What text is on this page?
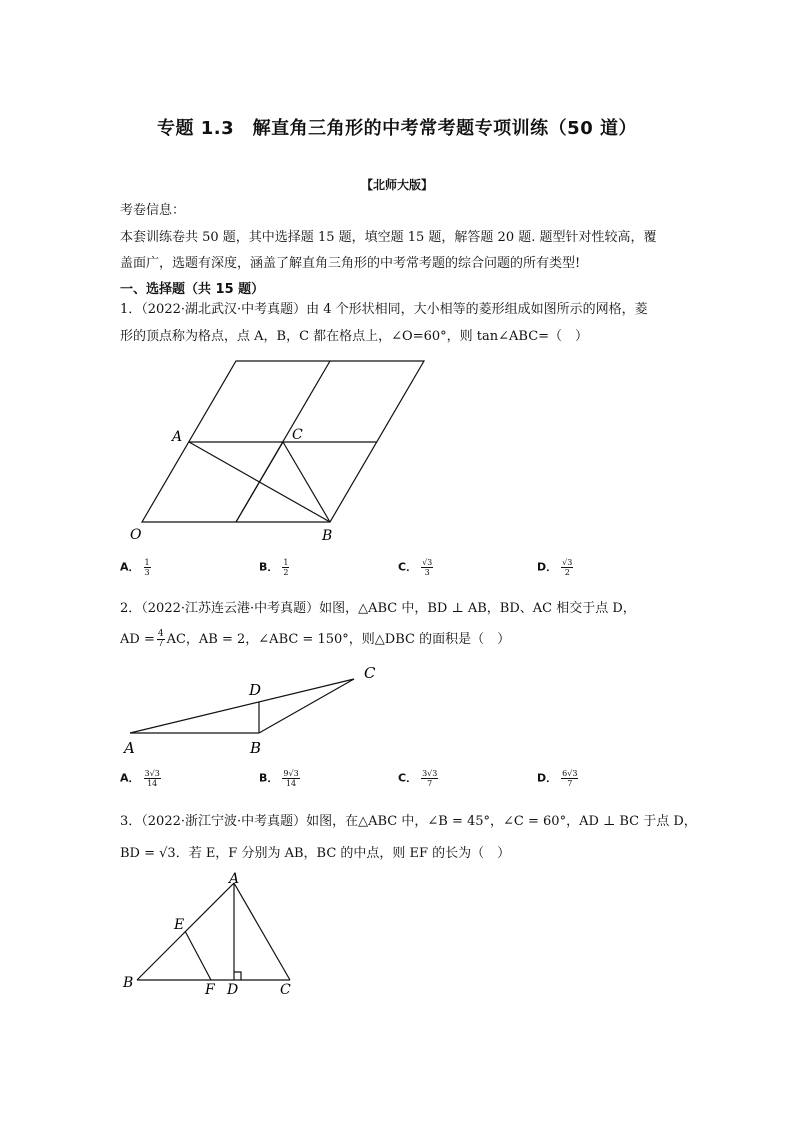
专题 1.3　解直角三角形的中考常考题专项训练（50 道）
【北师大版】
考卷信息：
本套训练卷共 50 题，其中选择题 15 题，填空题 15 题，解答题 20 题. 题型针对性较高，覆
盖面广，选题有深度，涵盖了解直角三角形的中考常考题的综合问题的所有类型!
一、选择题（共 15 题）
1．（2022·湖北武汉·中考真题）由 4 个形状相同，大小相等的菱形组成如图所示的网格，菱
形的顶点称为格点，点 A，B，C 都在格点上，∠O=60°，则 tan∠ABC=（　）
A	C
O	B
A	B
D
C
A
E
B	F D	C
A． $\frac{1}{3}$	B． $\frac{1}{2}$	C． $\frac{√3}{3}$	D． $\frac{√3}{2}$
2．（2022·江苏连云港·中考真题）如图，△ABC 中，BD ⊥ AB，BD、AC 相交于点 D，
AD = $\frac{4}{7}$ AC，AB = 2，∠ABC = 150°，则△DBC 的面积是（　）
A． $\frac{3√3}{14}$	B． $\frac{9√3}{14}$	C． $\frac{3√3}{7}$	D． $\frac{6√3}{7}$
3．（2022·浙江宁波·中考真题）如图，在△ABC 中，∠B = 45°，∠C = 60°，AD ⊥ BC 于点 D，
BD = √3．若 E，F 分别为 AB，BC 的中点，则 EF 的长为（　）
